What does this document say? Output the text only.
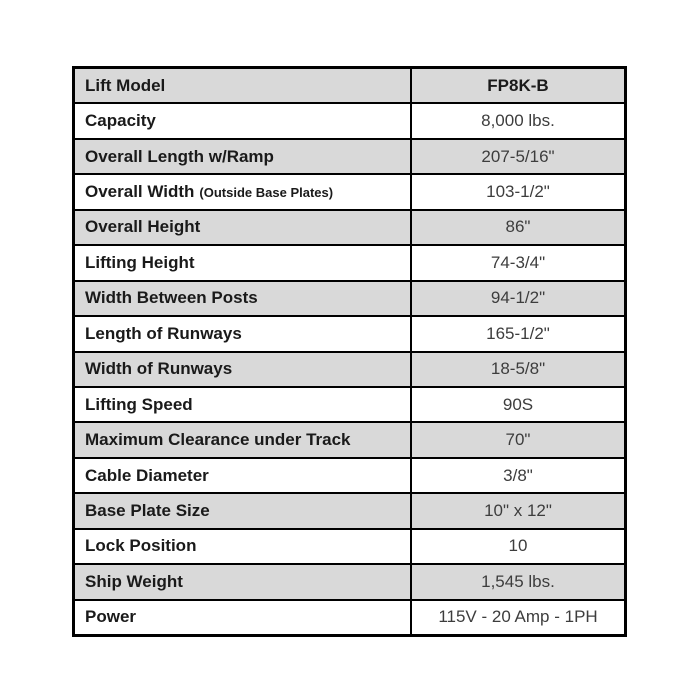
Lift Model	FP8K-B
Capacity	8,000 lbs.
Overall Length w/Ramp	207-5/16"
Overall Width (Outside Base Plates)	103-1/2"
Overall Height	86"
Lifting Height	74-3/4"
Width Between Posts	94-1/2"
Length of Runways	165-1/2"
Width of Runways	18-5/8"
Lifting Speed	90S
Maximum Clearance under Track	70"
Cable Diameter	3/8"
Base Plate Size	10" x 12"
Lock Position	10
Ship Weight	1,545 lbs.
Power	115V - 20 Amp - 1PH
